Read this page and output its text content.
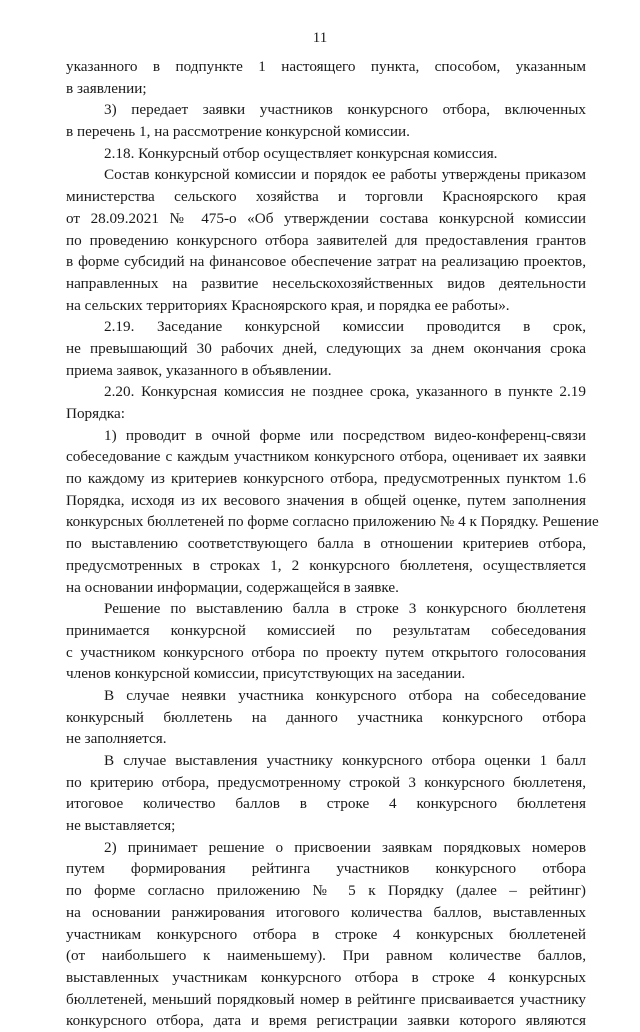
11
указанного в подпункте 1 настоящего пункта, способом, указанным
в заявлении;
3) передает заявки участников конкурсного отбора, включенных
в перечень 1, на рассмотрение конкурсной комиссии.
2.18. Конкурсный отбор осуществляет конкурсная комиссия.
Состав конкурсной комиссии и порядок ее работы утверждены приказом
министерства сельского хозяйства и торговли Красноярского края
от 28.09.2021 № 475-о «Об утверждении состава конкурсной комиссии
по проведению конкурсного отбора заявителей для предоставления грантов
в форме субсидий на финансовое обеспечение затрат на реализацию проектов,
направленных на развитие несельскохозяйственных видов деятельности
на сельских территориях Красноярского края, и порядка ее работы».
2.19. Заседание конкурсной комиссии проводится в срок,
не превышающий 30 рабочих дней, следующих за днем окончания срока
приема заявок, указанного в объявлении.
2.20. Конкурсная комиссия не позднее срока, указанного в пункте 2.19
Порядка:
1) проводит в очной форме или посредством видео-конференц-связи
собеседование с каждым участником конкурсного отбора, оценивает их заявки
по каждому из критериев конкурсного отбора, предусмотренных пунктом 1.6
Порядка, исходя из их весового значения в общей оценке, путем заполнения
конкурсных бюллетеней по форме согласно приложению № 4 к Порядку. Решение
по выставлению соответствующего балла в отношении критериев отбора,
предусмотренных в строках 1, 2 конкурсного бюллетеня, осуществляется
на основании информации, содержащейся в заявке.
Решение по выставлению балла в строке 3 конкурсного бюллетеня
принимается конкурсной комиссией по результатам собеседования
с участником конкурсного отбора по проекту путем открытого голосования
членов конкурсной комиссии, присутствующих на заседании.
В случае неявки участника конкурсного отбора на собеседование
конкурсный бюллетень на данного участника конкурсного отбора
не заполняется.
В случае выставления участнику конкурсного отбора оценки 1 балл
по критерию отбора, предусмотренному строкой 3 конкурсного бюллетеня,
итоговое количество баллов в строке 4 конкурсного бюллетеня
не выставляется;
2) принимает решение о присвоении заявкам порядковых номеров
путем формирования рейтинга участников конкурсного отбора
по форме согласно приложению № 5 к Порядку (далее – рейтинг)
на основании ранжирования итогового количества баллов, выставленных
участникам конкурсного отбора в строке 4 конкурсных бюллетеней
(от наибольшего к наименьшему). При равном количестве баллов,
выставленных участникам конкурсного отбора в строке 4 конкурсных
бюллетеней, меньший порядковый номер в рейтинге присваивается участнику
конкурсного отбора, дата и время регистрации заявки которого являются
